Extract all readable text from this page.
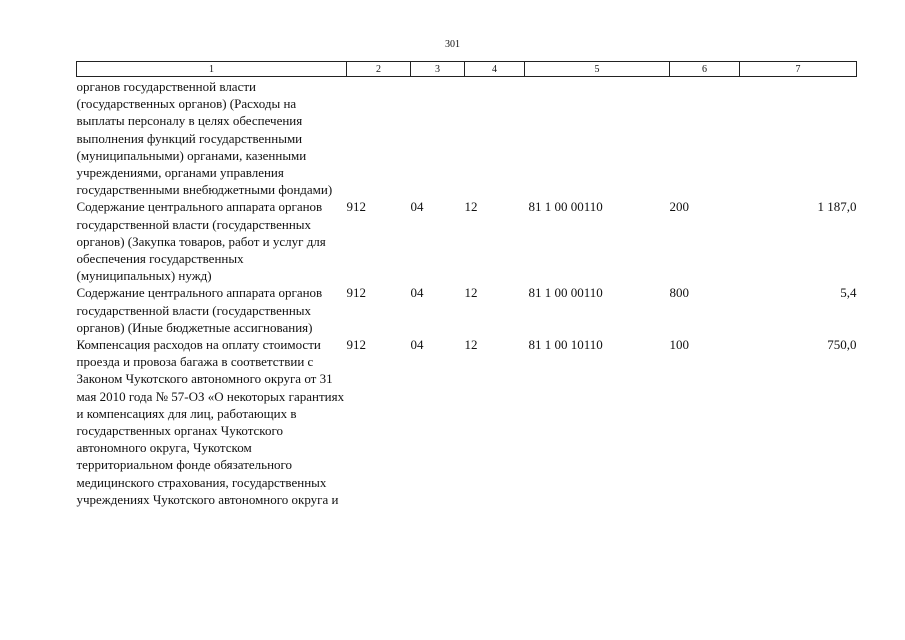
301
1	2	3	4	5	6	7
органов государственной власти (государственных органов) (Расходы на выплаты персоналу в целях обеспечения выполнения функций государственными (муниципальными) органами, казенными учреждениями, органами управления государственными внебюджетными фондами)						
Содержание центрального аппарата органов государственной власти (государственных органов) (Закупка товаров, работ и услуг для обеспечения государственных (муниципальных) нужд)	912	04	12	81 1 00 00110	200	1 187,0
Содержание центрального аппарата органов государственной власти (государственных органов) (Иные бюджетные ассигнования)	912	04	12	81 1 00 00110	800	5,4
Компенсация расходов на оплату стоимости проезда и провоза багажа в соответствии с Законом Чукотского автономного округа от 31 мая 2010 года № 57-ОЗ «О некоторых гарантиях и компенсациях для лиц, работающих в государственных органах Чукотского автономного округа, Чукотском территориальном фонде обязательного медицинского страхования, государственных учреждениях Чукотского автономного округа и	912	04	12	81 1 00 10110	100	750,0
